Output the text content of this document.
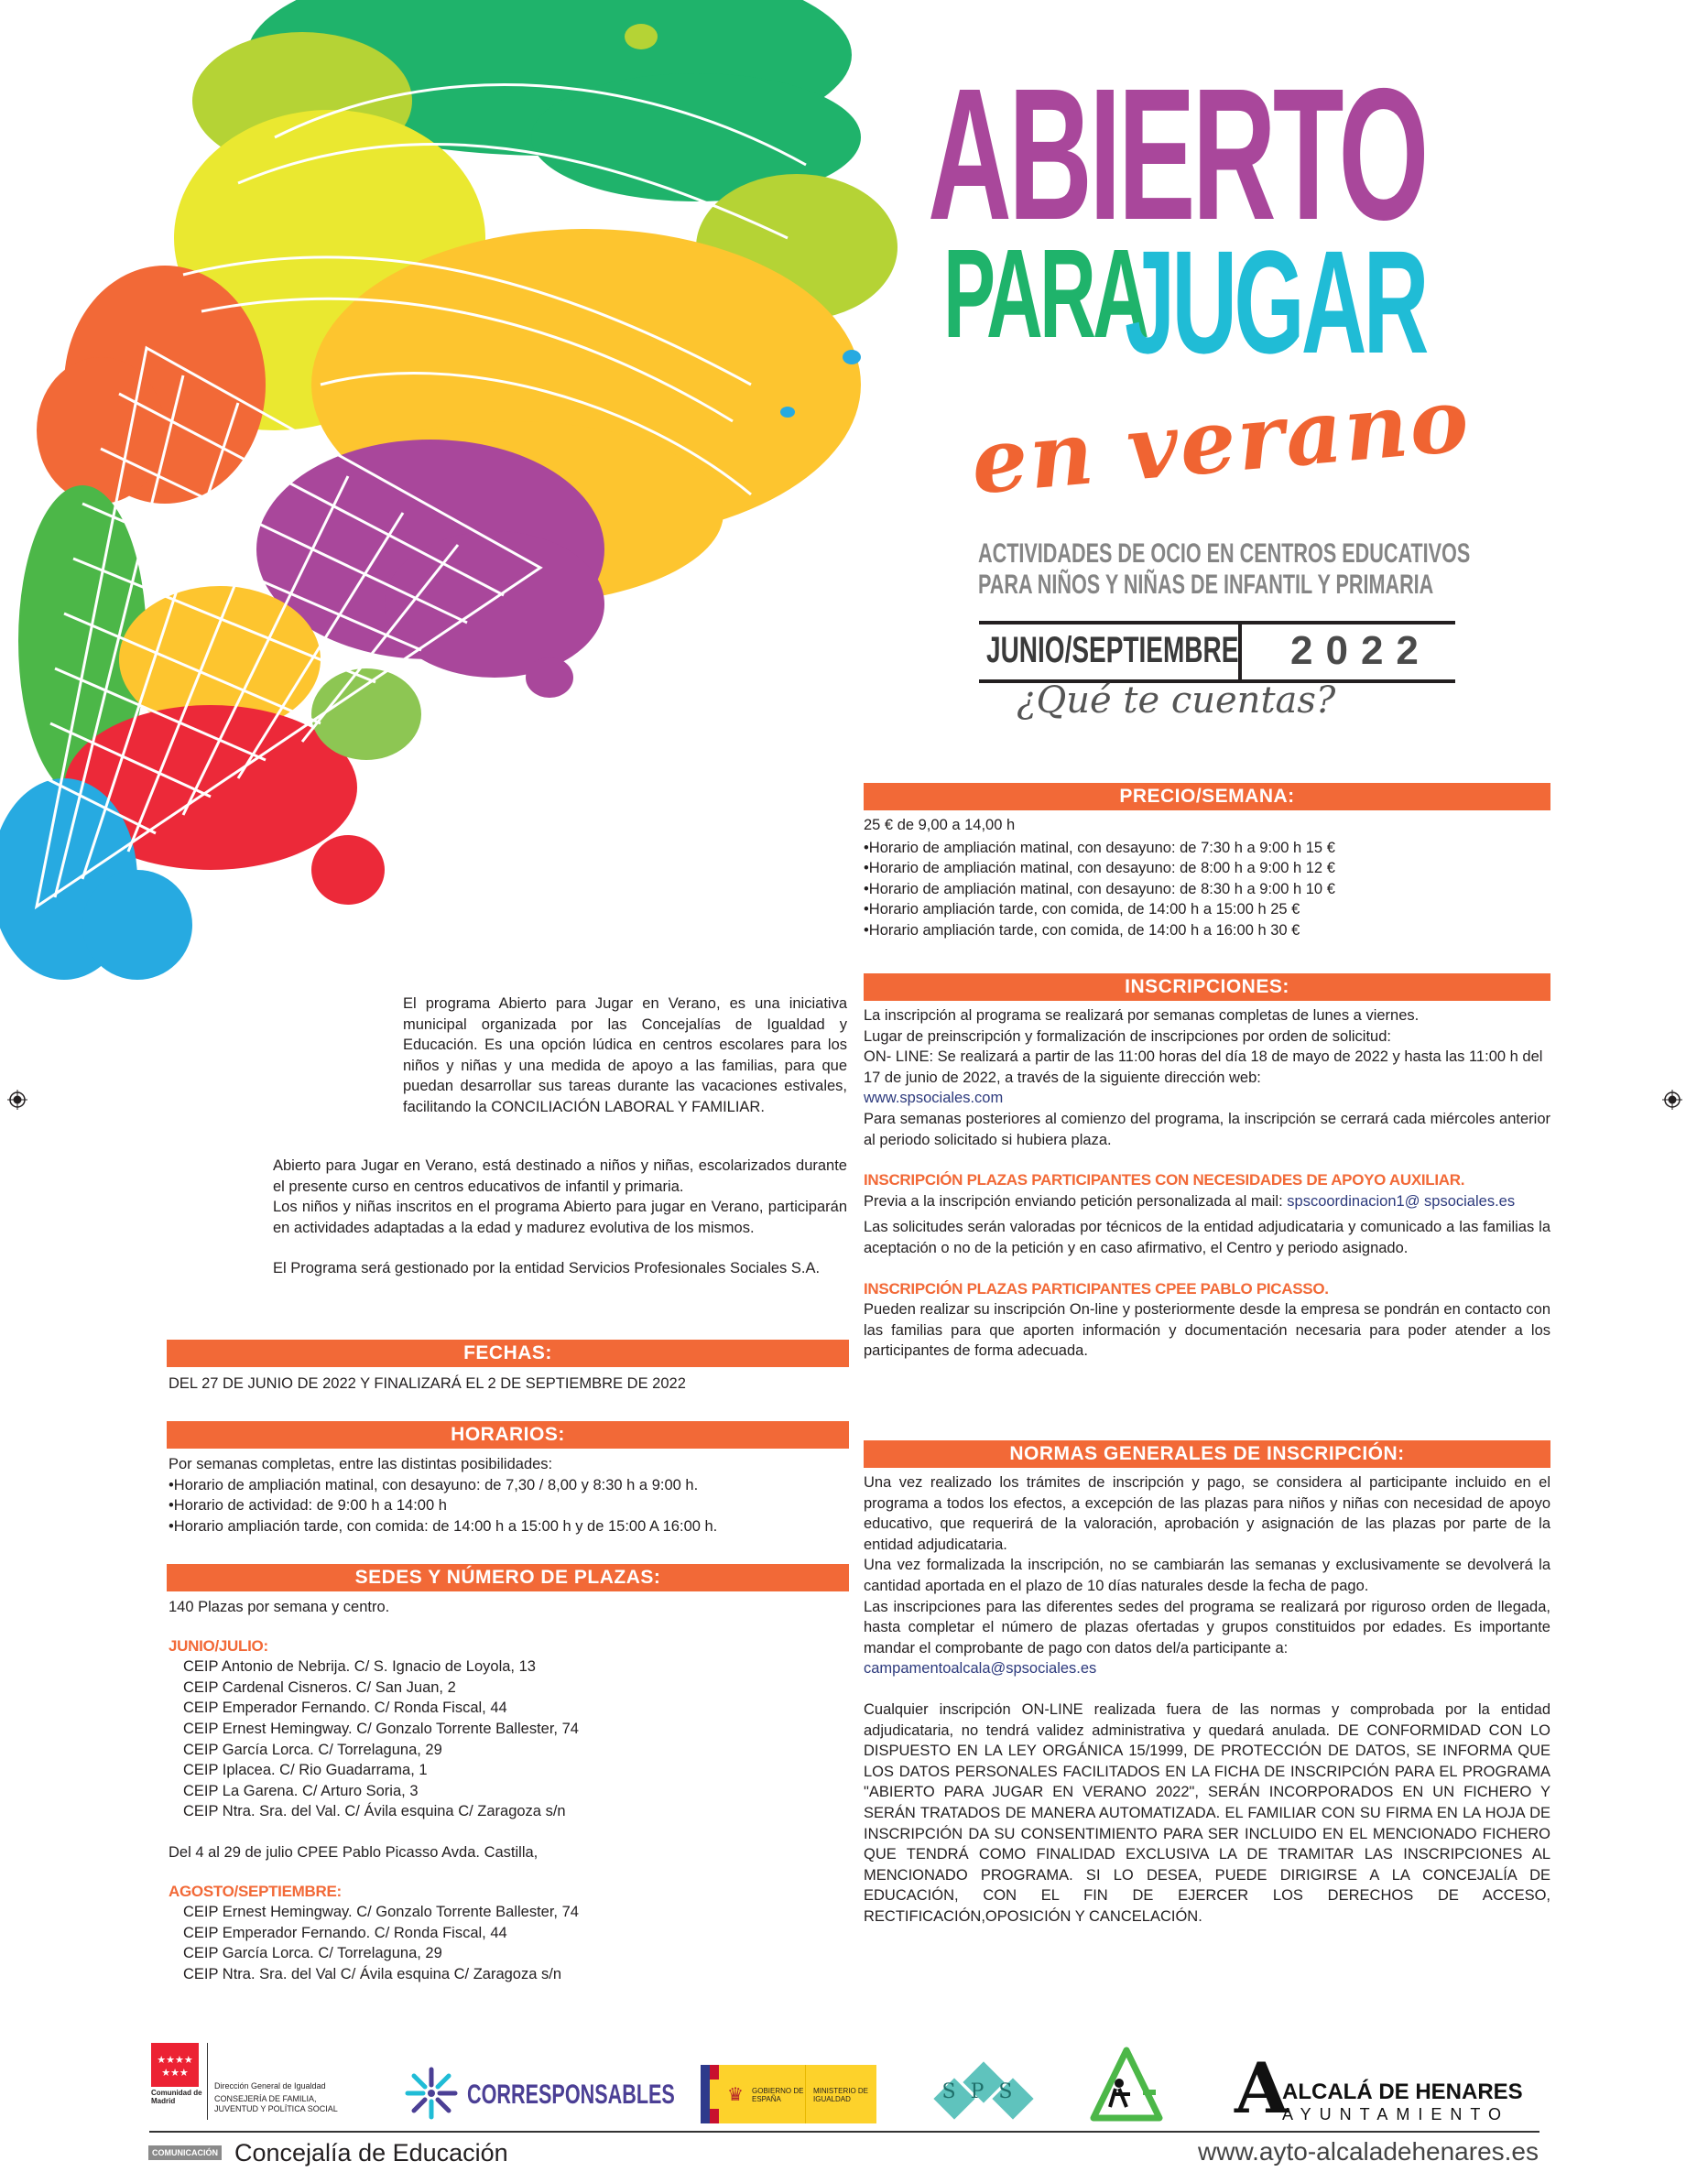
ABIERTO
PARA
JUGAR
en verano
ACTIVIDADES DE OCIO EN CENTROS EDUCATIVOS
PARA NIÑOS Y NIÑAS DE INFANTIL Y PRIMARIA
JUNIO/SEPTIEMBRE 2022
¿Qué te cuentas?
PRECIO/SEMANA:

25 € de 9,00 a 14,00 h

• Horario de ampliación matinal, con desayuno: de 7:30 h a 9:00 h 15 €
• Horario de ampliación matinal, con desayuno: de 8:00 h a 9:00 h 12 €
• Horario de ampliación matinal, con desayuno: de 8:30 h a 9:00 h 10 €
• Horario ampliación tarde, con comida, de 14:00 h a 15:00 h 25 €
• Horario ampliación tarde, con comida, de 14:00 h a 16:00 h 30 €
INSCRIPCIONES:

La inscripción al programa se realizará por semanas completas de lunes a viernes.

Lugar de preinscripción y formalización de inscripciones por orden de solicitud:

ON- LINE: Se realizará a partir de las 11:00 horas del día 18 de mayo de 2022 y hasta las 11:00 h del 17 de junio de 2022, a través de la siguiente dirección web:

www.spsociales.com

Para semanas posteriores al comienzo del programa, la inscripción se cerrará cada miércoles anterior al periodo solicitado si hubiera plaza.

INSCRIPCIÓN PLAZAS PARTICIPANTES CON NECESIDADES DE APOYO AUXILIAR.

Previa a la inscripción enviando petición personalizada al mail: spscoordinacion1@ spsociales.es

Las solicitudes serán valoradas por técnicos de la entidad adjudicataria y comunicado a las familias la aceptación o no de la petición y en caso afirmativo, el Centro y periodo asignado.

INSCRIPCIÓN PLAZAS PARTICIPANTES CPEE PABLO PICASSO.

Pueden realizar su inscripción On-line y posteriormente desde la empresa se pondrán en contacto con las familias para que aporten información y documentación necesaria para poder atender a los participantes de forma adecuada.

NORMAS GENERALES DE INSCRIPCIÓN:

Una vez realizado los trámites de inscripción y pago, se considera al participante incluido en el programa a todos los efectos, a excepción de las plazas para niños y niñas con necesidad de apoyo educativo, que requerirá de la valoración, aprobación y asignación de las plazas por parte de la entidad adjudicataria.

Una vez formalizada la inscripción, no se cambiarán las semanas y exclusivamente se devolverá la cantidad aportada en el plazo de 10 días naturales desde la fecha de pago.

Las inscripciones para las diferentes sedes del programa se realizará por riguroso orden de llegada, hasta completar el número de plazas ofertadas y grupos constituidos por edades. Es importante mandar el comprobante de pago con datos del/a participante a:

campamentoalcala@spsociales.es

Cualquier inscripción ON-LINE realizada fuera de las normas y comprobada por la entidad adjudicataria, no tendrá validez administrativa y quedará anulada. DE CONFORMIDAD CON LO DISPUESTO EN LA LEY ORGÁNICA 15/1999, DE PROTECCIÓN DE DATOS, SE INFORMA QUE LOS DATOS PERSONALES FACILITADOS EN LA FICHA DE INSCRIPCIÓN PARA EL PROGRAMA "ABIERTO PARA JUGAR EN VERANO 2022", SERÁN INCORPORADOS EN UN FICHERO Y SERÁN TRATADOS DE MANERA AUTOMATIZADA. EL FAMILIAR CON SU FIRMA EN LA HOJA DE INSCRIPCIÓN DA SU CONSENTIMIENTO PARA SER INCLUIDO EN EL MENCIONADO FICHERO QUE TENDRÁ COMO FINALIDAD EXCLUSIVA LA DE TRAMITAR LAS INSCRIPCIONES AL MENCIONADO PROGRAMA. SI LO DESEA, PUEDE DIRIGIRSE A LA CONCEJALÍA DE EDUCACIÓN, CON EL FIN DE EJERCER LOS DERECHOS DE ACCESO, RECTIFICACIÓN,OPOSICIÓN Y CANCELACIÓN.

El programa Abierto para Jugar en Verano, es una iniciativa municipal organizada por las Concejalías de Igualdad y Educación. Es una opción lúdica en centros escolares para los niños y niñas y una medida de apoyo a las familias, para que puedan desarrollar sus tareas durante las vacaciones estivales, facilitando la CONCILIACIÓN LABORAL Y FAMILIAR.

Abierto para Jugar en Verano, está destinado a niños y niñas, escolarizados durante el presente curso en centros educativos de infantil y primaria.

Los niños y niñas inscritos en el programa Abierto para jugar en Verano, participarán en actividades adaptadas a la edad y madurez evolutiva de los mismos.

El Programa será gestionado por la entidad Servicios Profesionales Sociales S.A.

FECHAS:
DEL 27 DE JUNIO DE 2022 Y FINALIZARÁ EL 2 DE SEPTIEMBRE DE 2022
HORARIOS:

Por semanas completas, entre las distintas posibilidades:

• Horario de ampliación matinal, con desayuno: de 7,30 / 8,00 y 8:30 h a 9:00 h.
• Horario de actividad: de 9:00 h a 14:00 h
• Horario ampliación tarde, con comida: de 14:00 h a 15:00 h y de 15:00 A 16:00 h.
SEDES Y NÚMERO DE PLAZAS:

140 Plazas por semana y centro.

JUNIO/JULIO:

CEIP Antonio de Nebrija. C/ S. Ignacio de Loyola, 13

CEIP Cardenal Cisneros. C/ San Juan, 2

CEIP Emperador Fernando. C/ Ronda Fiscal, 44

CEIP Ernest Hemingway. C/ Gonzalo Torrente Ballester, 74

CEIP García Lorca. C/ Torrelaguna, 29

CEIP Iplacea. C/ Rio Guadarrama, 1

CEIP La Garena. C/ Arturo Soria, 3

CEIP Ntra. Sra. del Val. C/ Ávila esquina C/ Zaragoza s/n

Del 4 al 29 de julio CPEE Pablo Picasso Avda. Castilla,

AGOSTO/SEPTIEMBRE:

CEIP Ernest Hemingway. C/ Gonzalo Torrente Ballester, 74

CEIP Emperador Fernando. C/ Ronda Fiscal, 44

CEIP García Lorca. C/ Torrelaguna, 29

CEIP Ntra. Sra. del Val C/ Ávila esquina C/ Zaragoza s/n

★★★★
★★★
Comunidad de Madrid
Dirección General de Igualdad
CONSEJERÍA DE FAMILIA,
JUVENTUD Y POLÍTICA SOCIAL	CORRESPONSABLES	♛	GOBIERNO DE ESPAÑA
MINISTERIO DE IGUALDAD	SPS	A
ALCALÁ DE HENARES
AYUNTAMIENTO
COMUNICACIÓN Concejalía de Educación	www.ayto-alcaladehenares.es
